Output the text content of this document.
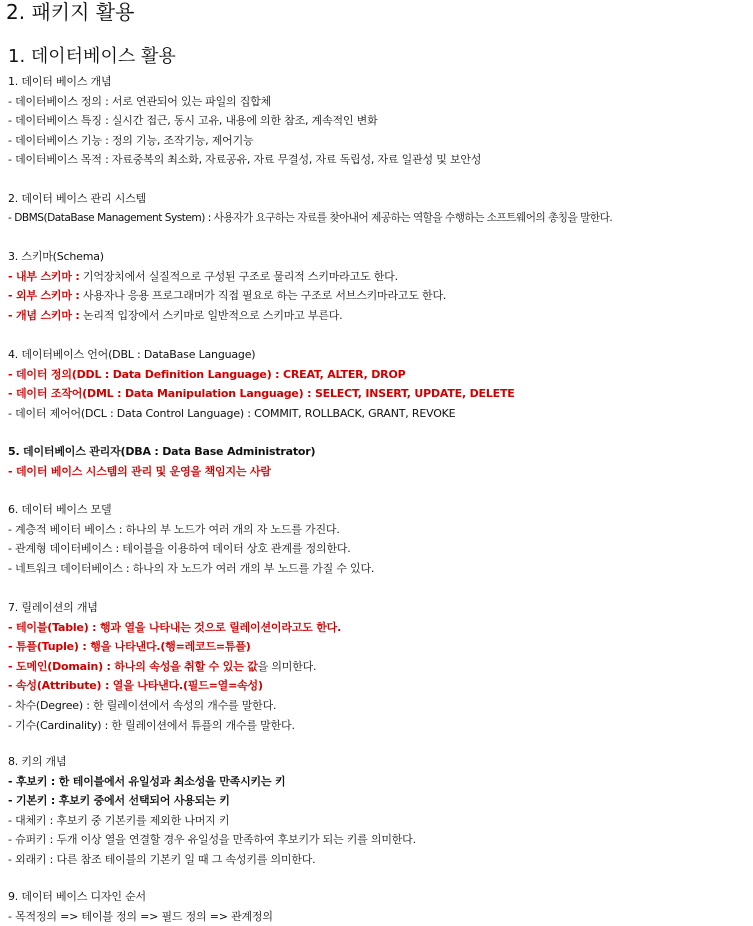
2. 패키지 활용
1. 데이터베이스 활용
1. 데이터 베이스 개념
- 데이터베이스 정의 : 서로 연관되어 있는 파일의 집합체
- 데이터베이스 특징 : 실시간 접근, 동시 고유, 내용에 의한 참조, 계속적인 변화
- 데이터베이스 기능 : 정의 기능, 조작기능, 제어기능
- 데이터베이스 목적 : 자료중복의 최소화, 자료공유, 자료 무결성, 자료 독립성, 자료 일관성 및 보안성
2. 데이터 베이스 관리 시스템
- DBMS(DataBase Management System) : 사용자가 요구하는 자료를 찾아내어 제공하는 역할을 수행하는 소프트웨어의 총칭을 말한다.
3. 스키마(Schema)
- 내부 스키마 : 기억장치에서 실질적으로 구성된 구조로 물리적 스키마라고도 한다.
- 외부 스키마 : 사용자나 응용 프로그래머가 직접 필요로 하는 구조로 서브스키마라고도 한다.
- 개념 스키마 : 논리적 입장에서 스키마로 일반적으로 스키마고 부른다.
4. 데이터베이스 언어(DBL : DataBase Language)
- 데이터 정의(DDL : Data Definition Language) : CREAT, ALTER, DROP
- 데이터 조작어(DML : Data Manipulation Language) : SELECT, INSERT, UPDATE, DELETE
- 데이터 제어어(DCL : Data Control Language) : COMMIT, ROLLBACK, GRANT, REVOKE
5. 데이터베이스 관리자(DBA : Data Base Administrator)
- 데이터 베이스 시스템의 관리 및 운영을 책임지는 사람
6. 데이터 베이스 모델
- 계층적 베이터 베이스 : 하나의 부 노드가 여러 개의 자 노드를 가진다.
- 관계형 데이터베이스 : 테이블을 이용하여 데이터 상호 관계를 정의한다.
- 네트워크 데이터베이스 : 하나의 자 노드가 여러 개의 부 노드를 가질 수 있다.
7. 릴레이션의 개념
- 테이블(Table) : 행과 열을 나타내는 것으로 릴레이션이라고도 한다.
- 튜플(Tuple) : 행을 나타낸다.(행=레코드=튜플)
- 도메인(Domain) : 하나의 속성을 취할 수 있는 값을 의미한다.
- 속성(Attribute) : 열을 나타낸다.(필드=열=속성)
- 차수(Degree) : 한 릴레이션에서 속성의 개수를 말한다.
- 기수(Cardinality) : 한 릴레이션에서 튜플의 개수를 말한다.
8. 키의 개념
- 후보키 : 한 테이블에서 유일성과 최소성을 만족시키는 키
- 기본키 : 후보키 중에서 선택되어 사용되는 키
- 대체키 : 후보키 중 기본키를 제외한 나머지 키
- 슈퍼키 : 두개 이상 열을 연결할 경우 유일성을 만족하여 후보키가 되는 키를 의미한다.
- 외래키 : 다른 참조 테이블의 기본키 일 때 그 속성키를 의미한다.
9. 데이터 베이스 디자인 순서
- 목적정의 => 테이블 정의 => 필드 정의 => 관계정의
